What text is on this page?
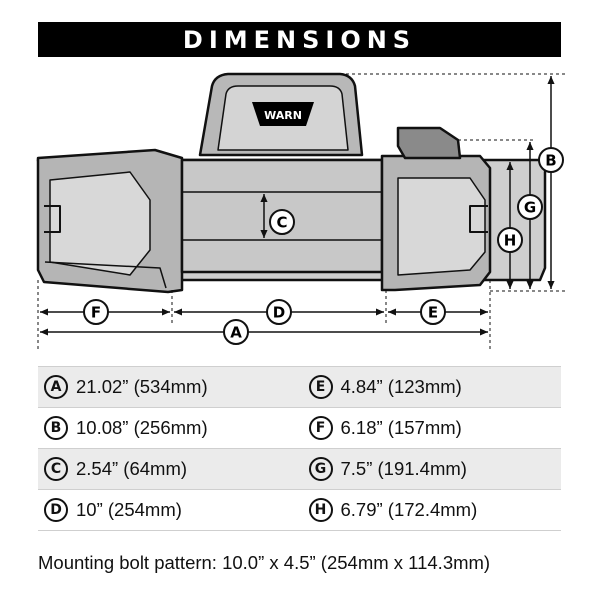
DIMENSIONS
WARN
F	D	E
A
B
G
H
C
A 21.02” (534mm)	E 4.84” (123mm)
B 10.08” (256mm)	F 6.18” (157mm)
C 2.54” (64mm)	G 7.5” (191.4mm)
D 10” (254mm)	H 6.79” (172.4mm)
Mounting bolt pattern: 10.0” x 4.5” (254mm x 114.3mm)
